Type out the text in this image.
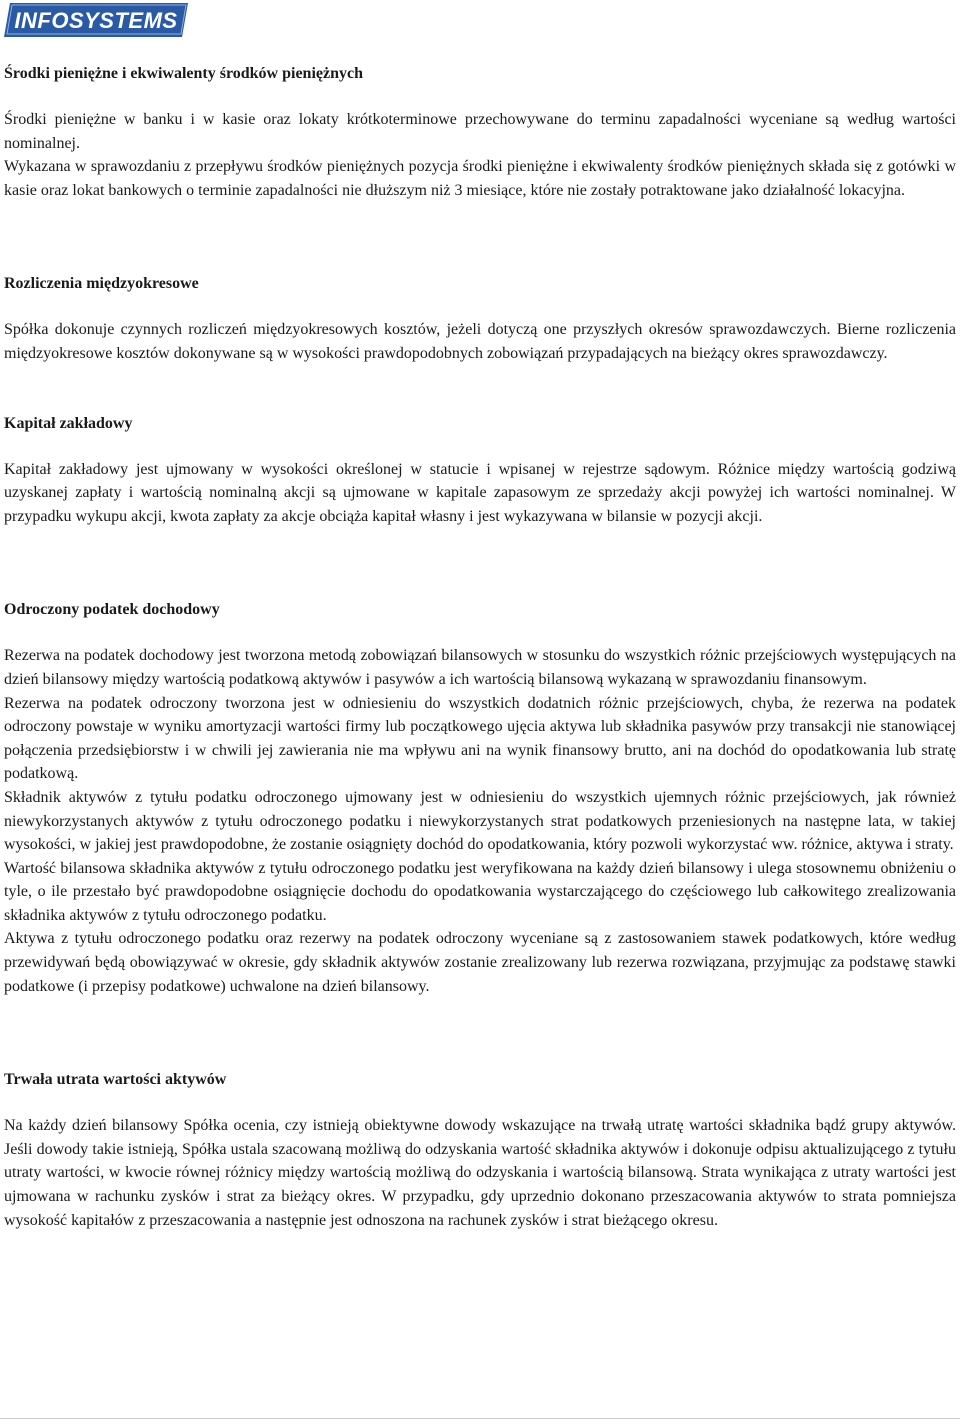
INFOSYSTEMS
Środki pieniężne i ekwiwalenty środków pieniężnych

Środki pieniężne w banku i w kasie oraz lokaty krótkoterminowe przechowywane do terminu zapadalności wyceniane są według wartości nominalnej.

Wykazana w sprawozdaniu z przepływu środków pieniężnych pozycja środki pieniężne i ekwiwalenty środków pieniężnych składa się z gotówki w kasie oraz lokat bankowych o terminie zapadalności nie dłuższym niż 3 miesiące, które nie zostały potraktowane jako działalność lokacyjna.

Rozliczenia międzyokresowe

Spółka dokonuje czynnych rozliczeń międzyokresowych kosztów, jeżeli dotyczą one przyszłych okresów sprawozdawczych. Bierne rozliczenia międzyokresowe kosztów dokonywane są w wysokości prawdopodobnych zobowiązań przypadających na bieżący okres sprawozdawczy.

Kapitał zakładowy

Kapitał zakładowy jest ujmowany w wysokości określonej w statucie i wpisanej w rejestrze sądowym. Różnice między wartością godziwą uzyskanej zapłaty i wartością nominalną akcji są ujmowane w kapitale zapasowym ze sprzedaży akcji powyżej ich wartości nominalnej. W przypadku wykupu akcji, kwota zapłaty za akcje obciąża kapitał własny i jest wykazywana w bilansie w pozycji akcji.

Odroczony podatek dochodowy

Rezerwa na podatek dochodowy jest tworzona metodą zobowiązań bilansowych w stosunku do wszystkich różnic przejściowych występujących na dzień bilansowy między wartością podatkową aktywów i pasywów a ich wartością bilansową wykazaną w sprawozdaniu finansowym.

Rezerwa na podatek odroczony tworzona jest w odniesieniu do wszystkich dodatnich różnic przejściowych, chyba, że rezerwa na podatek odroczony powstaje w wyniku amortyzacji wartości firmy lub początkowego ujęcia aktywa lub składnika pasywów przy transakcji nie stanowiącej połączenia przedsiębiorstw i w chwili jej zawierania nie ma wpływu ani na wynik finansowy brutto, ani na dochód do opodatkowania lub stratę podatkową.

Składnik aktywów z tytułu podatku odroczonego ujmowany jest w odniesieniu do wszystkich ujemnych różnic przejściowych, jak również niewykorzystanych aktywów z tytułu odroczonego podatku i niewykorzystanych strat podatkowych przeniesionych na następne lata, w takiej wysokości, w jakiej jest prawdopodobne, że zostanie osiągnięty dochód do opodatkowania, który pozwoli wykorzystać ww. różnice, aktywa i straty.

Wartość bilansowa składnika aktywów z tytułu odroczonego podatku jest weryfikowana na każdy dzień bilansowy i ulega stosownemu obniżeniu o tyle, o ile przestało być prawdopodobne osiągnięcie dochodu do opodatkowania wystarczającego do częściowego lub całkowitego zrealizowania składnika aktywów z tytułu odroczonego podatku.

Aktywa z tytułu odroczonego podatku oraz rezerwy na podatek odroczony wyceniane są z zastosowaniem stawek podatkowych, które według przewidywań będą obowiązywać w okresie, gdy składnik aktywów zostanie zrealizowany lub rezerwa rozwiązana, przyjmując za podstawę stawki podatkowe (i przepisy podatkowe) uchwalone na dzień bilansowy.

Trwała utrata wartości aktywów

Na każdy dzień bilansowy Spółka ocenia, czy istnieją obiektywne dowody wskazujące na trwałą utratę wartości składnika bądź grupy aktywów. Jeśli dowody takie istnieją, Spółka ustala szacowaną możliwą do odzyskania wartość składnika aktywów i dokonuje odpisu aktualizującego z tytułu utraty wartości, w kwocie równej różnicy między wartością możliwą do odzyskania i wartością bilansową. Strata wynikająca z utraty wartości jest ujmowana w rachunku zysków i strat za bieżący okres. W przypadku, gdy uprzednio dokonano przeszacowania aktywów to strata pomniejsza wysokość kapitałów z przeszacowania a następnie jest odnoszona na rachunek zysków i strat bieżącego okresu.
